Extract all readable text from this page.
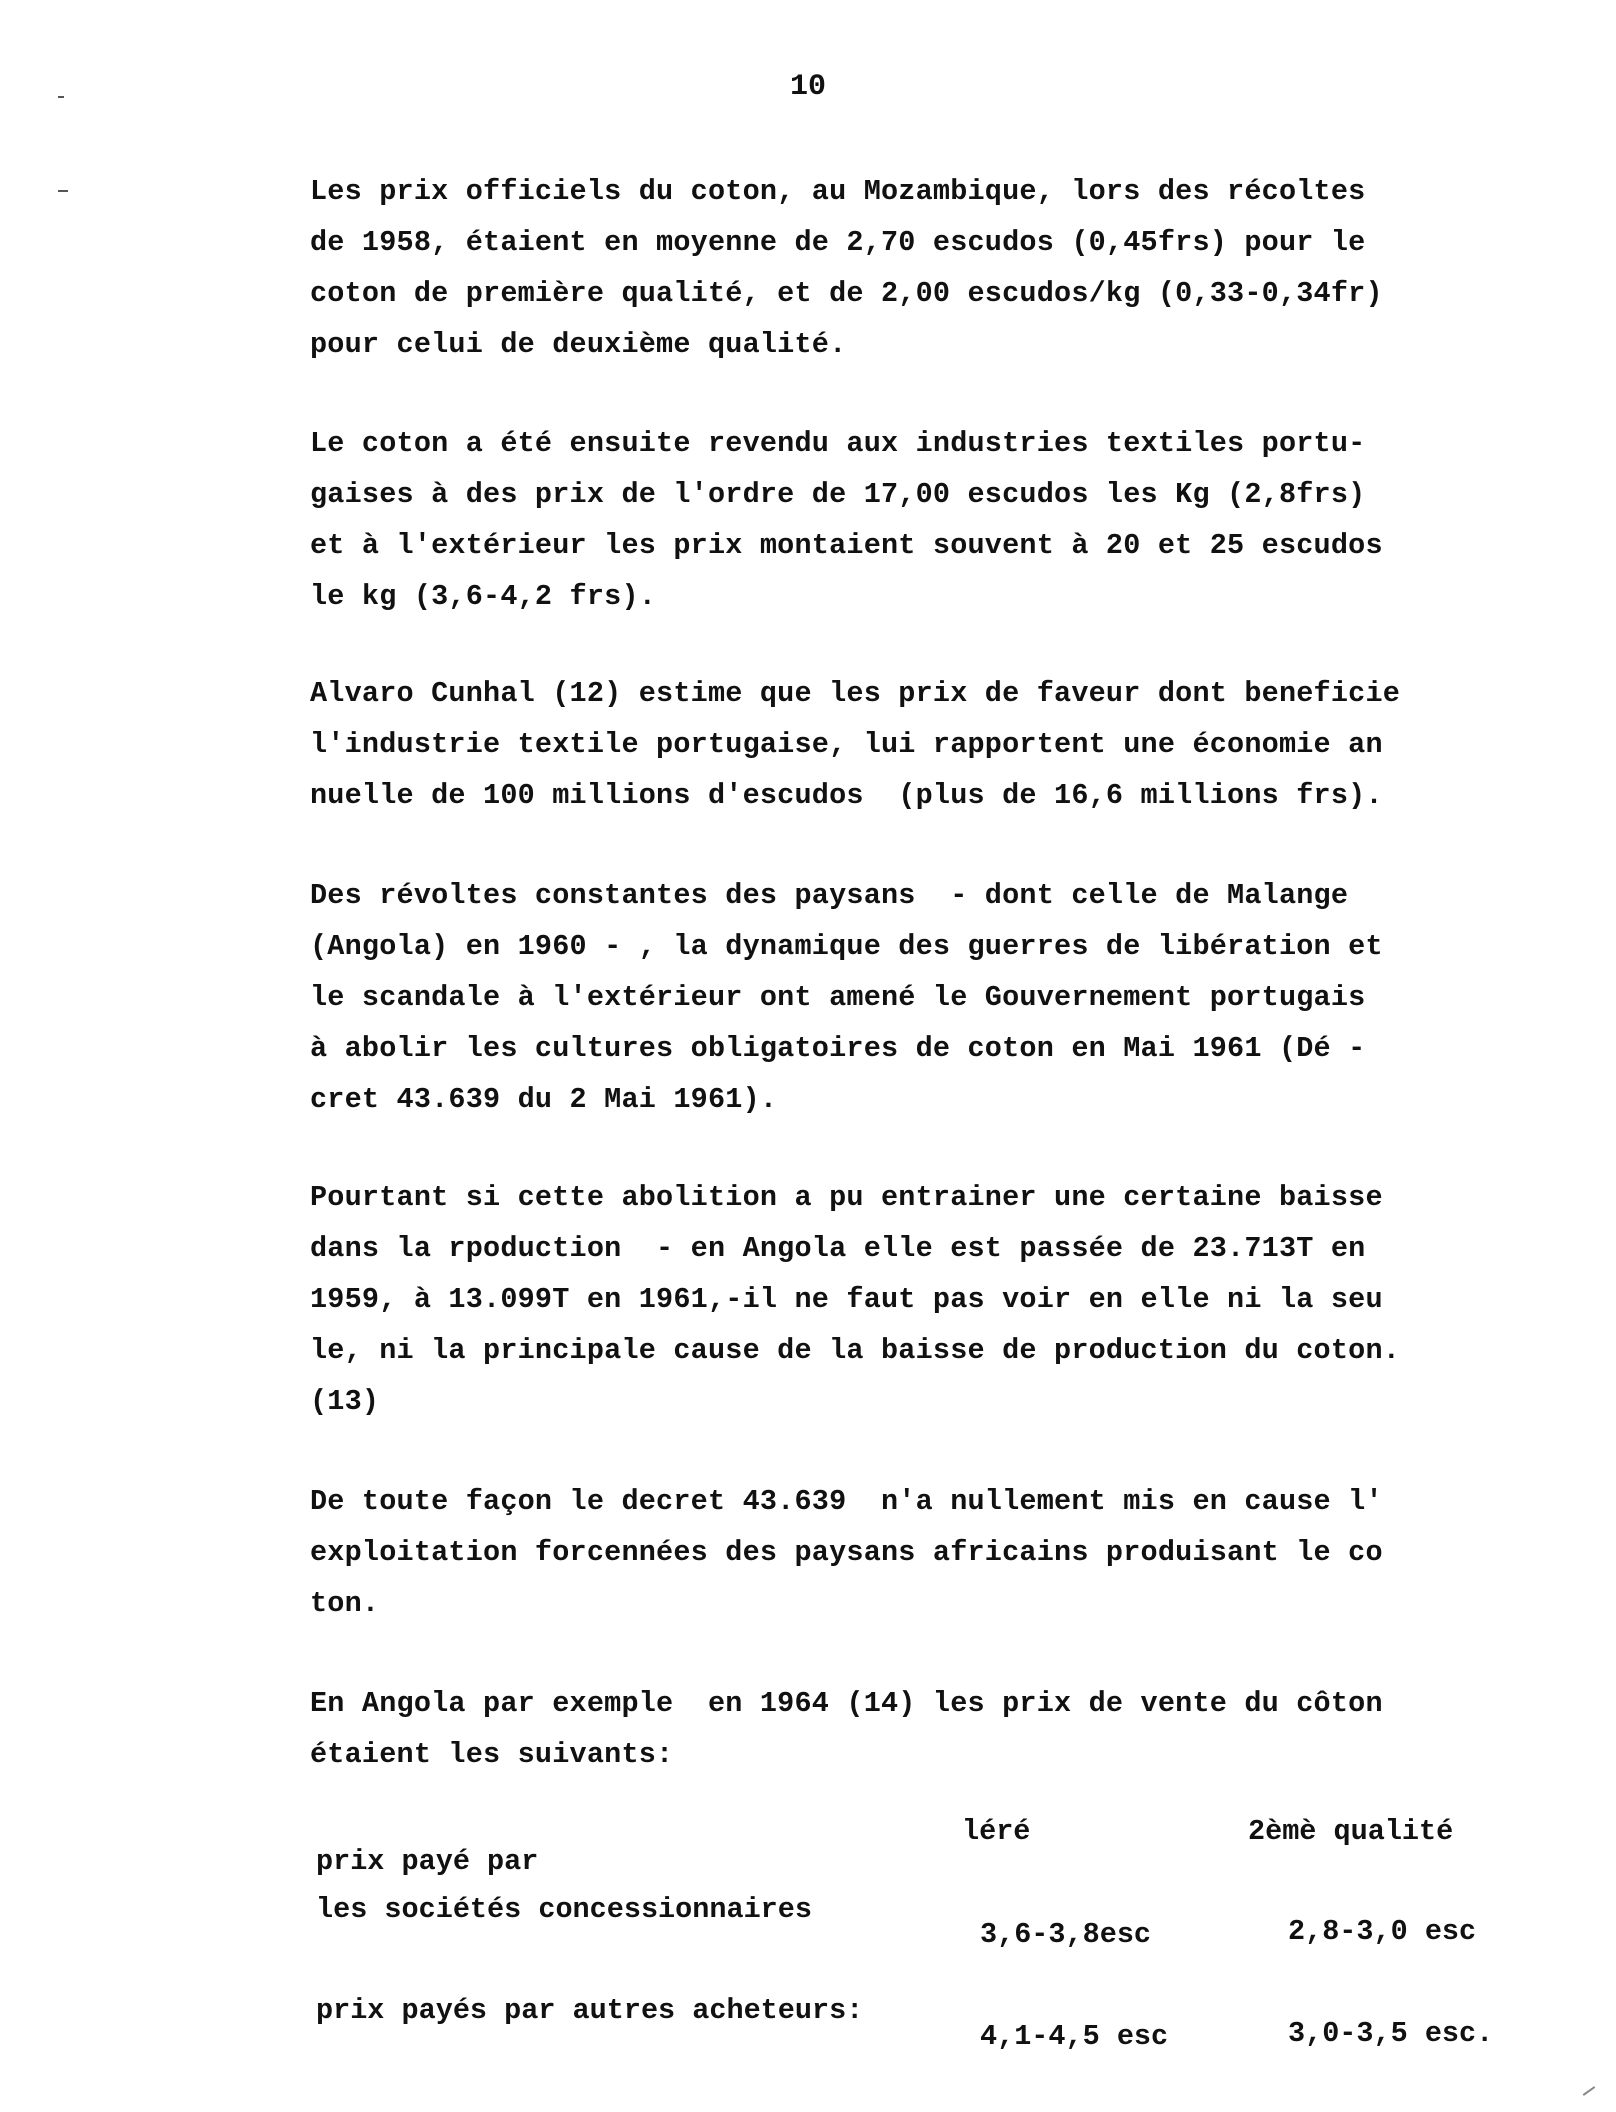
10
Les prix officiels du coton, au Mozambique, lors des récoltes
de 1958, étaient en moyenne de 2,70 escudos (0,45frs) pour le
coton de première qualité, et de 2,00 escudos/kg (0,33-0,34fr)
pour celui de deuxième qualité.
Le coton a été ensuite revendu aux industries textiles portu-
gaises à des prix de l'ordre de 17,00 escudos les Kg (2,8frs)
et à l'extérieur les prix montaient souvent à 20 et 25 escudos
le kg (3,6-4,2 frs).
Alvaro Cunhal (12) estime que les prix de faveur dont beneficie
l'industrie textile portugaise, lui rapportent une économie an
nuelle de 100 millions d'escudos  (plus de 16,6 millions frs).
Des révoltes constantes des paysans  - dont celle de Malange
(Angola) en 1960 - , la dynamique des guerres de libération et
le scandale à l'extérieur ont amené le Gouvernement portugais
à abolir les cultures obligatoires de coton en Mai 1961 (Dé -
cret 43.639 du 2 Mai 1961).
Pourtant si cette abolition a pu entrainer une certaine baisse
dans la rpoduction  - en Angola elle est passée de 23.713T en
1959, à 13.099T en 1961,-il ne faut pas voir en elle ni la seu
le, ni la principale cause de la baisse de production du coton.
(13)
De toute façon le decret 43.639  n'a nullement mis en cause l'
exploitation forcennées des paysans africains produisant le co
ton.
En Angola par exemple  en 1964 (14) les prix de vente du côton
étaient les suivants:
léré	2èmè qualité
prix payé par
les sociétés concessionnaires
3,6-3,8esc	2,8-3,0 esc
prix payés par autres acheteurs:
4,1-4,5 esc	3,0-3,5 esc.
